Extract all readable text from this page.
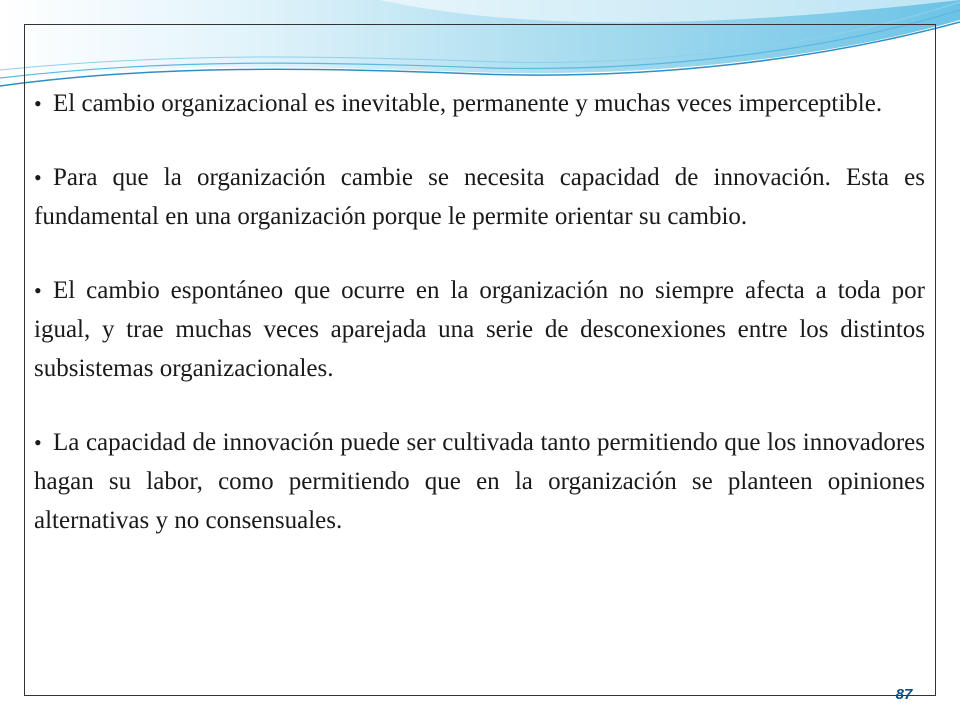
• El cambio organizacional es inevitable, permanente y muchas veces imperceptible.

• Para que la organización cambie se necesita capacidad de innovación. Esta es fundamental en una organización porque le permite orientar su cambio.

• El cambio espontáneo que ocurre en la organización no siempre afecta a toda por igual, y trae muchas veces aparejada una serie de desconexiones entre los distintos subsistemas organizacionales.

• La capacidad de innovación puede ser cultivada tanto permitiendo que los innovadores hagan su labor, como permitiendo que en la organización se planteen opiniones alternativas y no consensuales.

87
